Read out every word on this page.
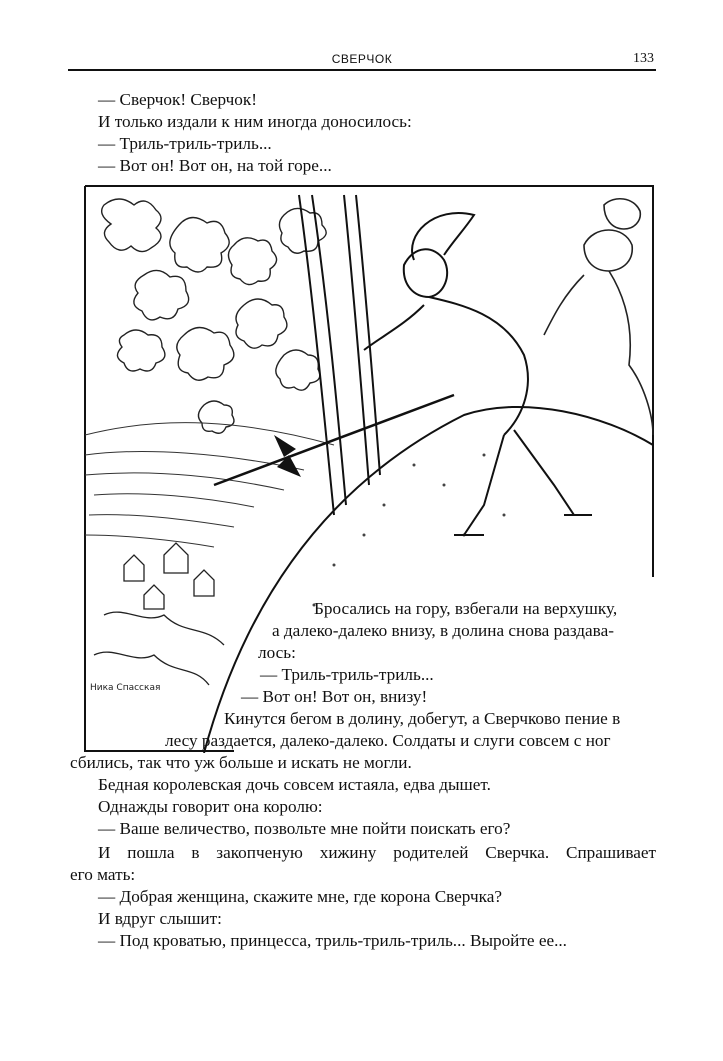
СВЕРЧОК	133
— Сверчок! Сверчок!
И только издали к ним иногда доносилось:
— Триль-триль-триль...
— Вот он! Вот он, на той горе...
Ника Спасская
Бросались на гору, взбегали на верхушку,
а далеко-далеко внизу, в долина снова раздава-
лось:
— Триль-триль-триль...
— Вот он! Вот он, внизу!
Кинутся бегом в долину, добегут, а Сверчково пение в
лесу раздается, далеко-далеко. Солдаты и слуги совсем с ног
сбились, так что уж больше и искать не могли.
Бедная королевская дочь совсем истаяла, едва дышет.
Однажды говорит она королю:
— Ваше величество, позвольте мне пойти поискать его?
И пошла в закопченую хижину родителей Сверчка. Спрашивает
его мать:
— Добрая женщина, скажите мне, где корона Сверчка?
И вдруг слышит:
— Под кроватью, принцесса, триль-триль-триль... Выройте ее...
